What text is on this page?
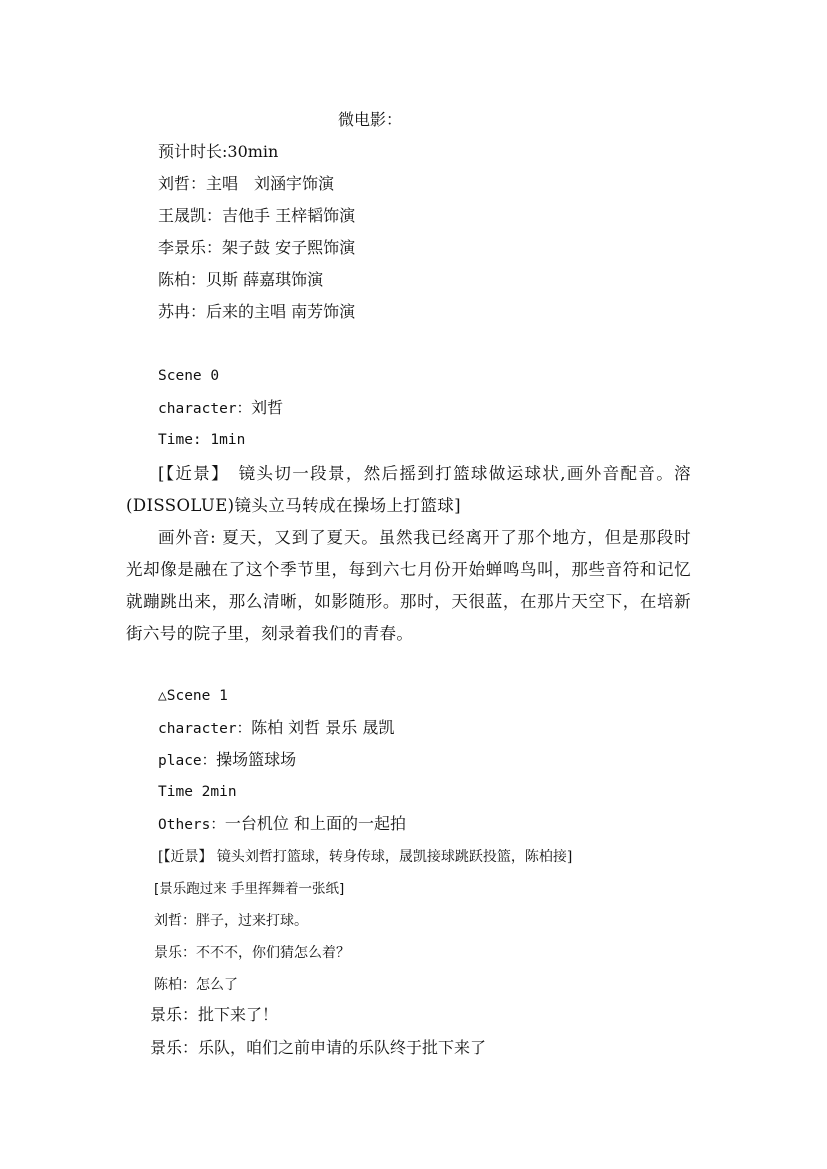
微电影：
预计时长:30min
刘哲：主唱　刘涵宇饰演
王晟凯：吉他手 王梓韬饰演
李景乐：架子鼓 安子熙饰演
陈柏：贝斯 薛嘉琪饰演
苏冉：后来的主唱 南芳饰演
Scene 0
character：刘哲
Time: 1min
[【近景】　镜头切一段景，然后摇到打篮球做运球状,画外音配音。溶(DISSOLUE)镜头立马转成在操场上打篮球]
画外音: 夏天，又到了夏天。虽然我已经离开了那个地方，但是那段时光却像是融在了这个季节里，每到六七月份开始蝉鸣鸟叫，那些音符和记忆就蹦跳出来，那么清晰，如影随形。那时，天很蓝，在那片天空下，在培新街六号的院子里，刻录着我们的青春。
△Scene 1
character：陈柏 刘哲 景乐 晟凯
place：操场篮球场
Time 2min
Others：一台机位 和上面的一起拍
[【近景】 镜头刘哲打篮球，转身传球，晟凯接球跳跃投篮，陈柏接]
[景乐跑过来 手里挥舞着一张纸]
刘哲：胖子，过来打球。
景乐：不不不，你们猜怎么着？
陈柏：怎么了
景乐：批下来了！
景乐：乐队，咱们之前申请的乐队终于批下来了
